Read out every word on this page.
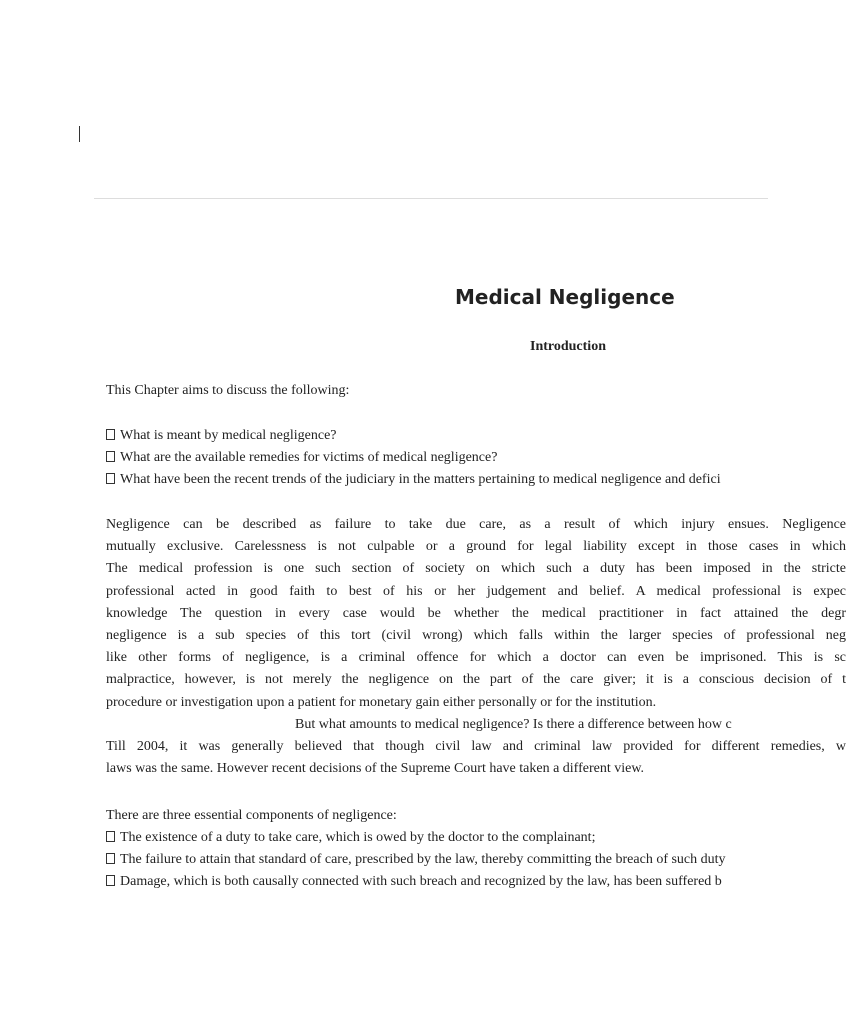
Medical Negligence
Introduction
This Chapter aims to discuss the following:
What is meant by medical negligence?
What are the available remedies for victims of medical negligence?
What have been the recent trends of the judiciary in the matters pertaining to medical negligence and defici
Negligence can be described as failure to take due care, as a result of which injury ensues. Negligence
mutually exclusive. Carelessness is not culpable or a ground for legal liability except in those cases in which
The medical profession is one such section of society on which such a duty has been imposed in the stricte
professional acted in good faith to best of his or her judgement and belief. A medical professional is expec
knowledge The question in every case would be whether the medical practitioner in fact attained the degr
negligence is a sub species of this tort (civil wrong) which falls within the larger species of professional neg
like other forms of negligence, is a criminal offence for which a doctor can even be imprisoned. This is sc
malpractice, however, is not merely the negligence on the part of the care giver; it is a conscious decision of t
procedure or investigation upon a patient for monetary gain either personally or for the institution.
But what amounts to medical negligence? Is there a difference between how c
Till 2004, it was generally believed that though civil law and criminal law provided for different remedies, w
laws was the same. However recent decisions of the Supreme Court have taken a different view.
There are three essential components of negligence:
The existence of a duty to take care, which is owed by the doctor to the complainant;
The failure to attain that standard of care, prescribed by the law, thereby committing the breach of such duty
Damage, which is both causally connected with such breach and recognized by the law, has been suffered b
